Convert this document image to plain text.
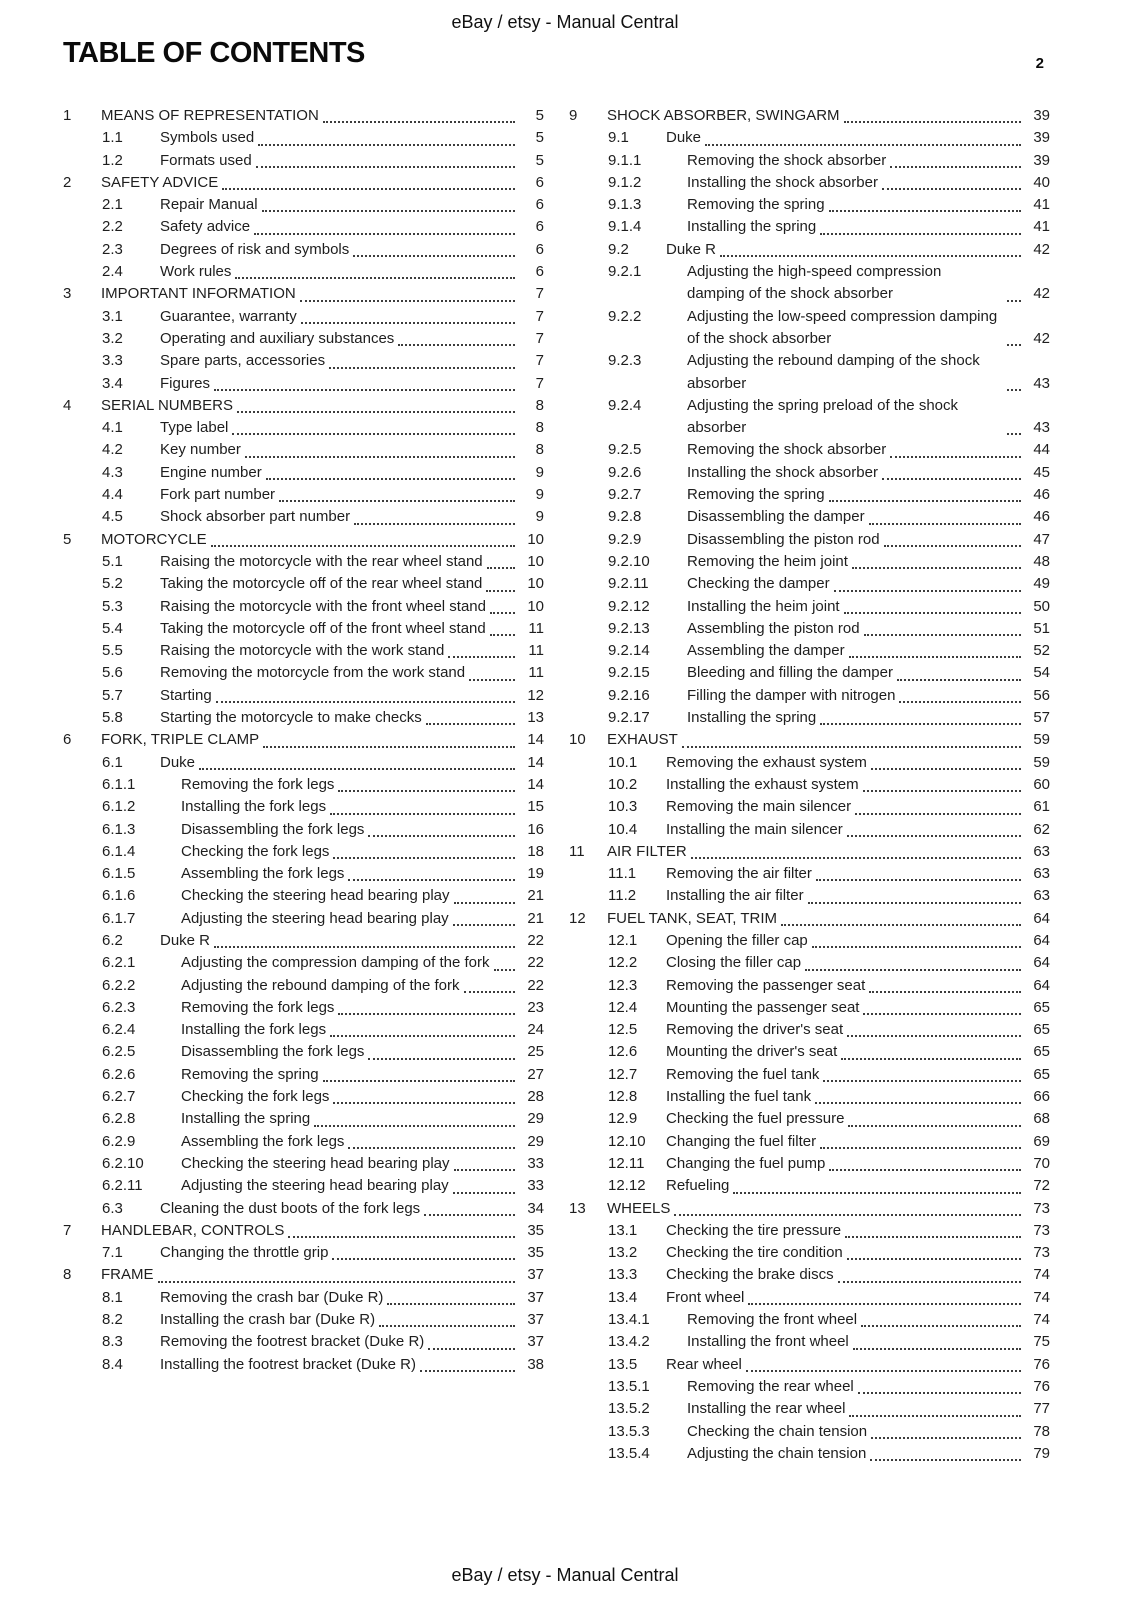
eBay / etsy - Manual Central
TABLE OF CONTENTS	2
1	MEANS OF REPRESENTATION	5
1.1	Symbols used	5
1.2	Formats used	5
2	SAFETY ADVICE	6
2.1	Repair Manual	6
2.2	Safety advice	6
2.3	Degrees of risk and symbols	6
2.4	Work rules	6
3	IMPORTANT INFORMATION	7
3.1	Guarantee, warranty	7
3.2	Operating and auxiliary substances	7
3.3	Spare parts, accessories	7
3.4	Figures	7
4	SERIAL NUMBERS	8
4.1	Type label	8
4.2	Key number	8
4.3	Engine number	9
4.4	Fork part number	9
4.5	Shock absorber part number	9
5	MOTORCYCLE	10
5.1	Raising the motorcycle with the rear wheel stand	10
5.2	Taking the motorcycle off of the rear wheel stand	10
5.3	Raising the motorcycle with the front wheel stand	10
5.4	Taking the motorcycle off of the front wheel stand	11
5.5	Raising the motorcycle with the work stand	11
5.6	Removing the motorcycle from the work stand	11
5.7	Starting	12
5.8	Starting the motorcycle to make checks	13
6	FORK, TRIPLE CLAMP	14
6.1	Duke	14
6.1.1	Removing the fork legs	14
6.1.2	Installing the fork legs	15
6.1.3	Disassembling the fork legs	16
6.1.4	Checking the fork legs	18
6.1.5	Assembling the fork legs	19
6.1.6	Checking the steering head bearing play	21
6.1.7	Adjusting the steering head bearing play	21
6.2	Duke R	22
6.2.1	Adjusting the compression damping of the fork	22
6.2.2	Adjusting the rebound damping of the fork	22
6.2.3	Removing the fork legs	23
6.2.4	Installing the fork legs	24
6.2.5	Disassembling the fork legs	25
6.2.6	Removing the spring	27
6.2.7	Checking the fork legs	28
6.2.8	Installing the spring	29
6.2.9	Assembling the fork legs	29
6.2.10	Checking the steering head bearing play	33
6.2.11	Adjusting the steering head bearing play	33
6.3	Cleaning the dust boots of the fork legs	34
7	HANDLEBAR, CONTROLS	35
7.1	Changing the throttle grip	35
8	FRAME	37
8.1	Removing the crash bar (Duke R)	37
8.2	Installing the crash bar (Duke R)	37
8.3	Removing the footrest bracket (Duke R)	37
8.4	Installing the footrest bracket (Duke R)	38
9	SHOCK ABSORBER, SWINGARM	39
9.1	Duke	39
9.1.1	Removing the shock absorber	39
9.1.2	Installing the shock absorber	40
9.1.3	Removing the spring	41
9.1.4	Installing the spring	41
9.2	Duke R	42
9.2.1	Adjusting the high-speed compression damping of the shock absorber	42
9.2.2	Adjusting the low-speed compression damping of the shock absorber	42
9.2.3	Adjusting the rebound damping of the shock absorber	43
9.2.4	Adjusting the spring preload of the shock absorber	43
9.2.5	Removing the shock absorber	44
9.2.6	Installing the shock absorber	45
9.2.7	Removing the spring	46
9.2.8	Disassembling the damper	46
9.2.9	Disassembling the piston rod	47
9.2.10	Removing the heim joint	48
9.2.11	Checking the damper	49
9.2.12	Installing the heim joint	50
9.2.13	Assembling the piston rod	51
9.2.14	Assembling the damper	52
9.2.15	Bleeding and filling the damper	54
9.2.16	Filling the damper with nitrogen	56
9.2.17	Installing the spring	57
10	EXHAUST	59
10.1	Removing the exhaust system	59
10.2	Installing the exhaust system	60
10.3	Removing the main silencer	61
10.4	Installing the main silencer	62
11	AIR FILTER	63
11.1	Removing the air filter	63
11.2	Installing the air filter	63
12	FUEL TANK, SEAT, TRIM	64
12.1	Opening the filler cap	64
12.2	Closing the filler cap	64
12.3	Removing the passenger seat	64
12.4	Mounting the passenger seat	65
12.5	Removing the driver's seat	65
12.6	Mounting the driver's seat	65
12.7	Removing the fuel tank	65
12.8	Installing the fuel tank	66
12.9	Checking the fuel pressure	68
12.10	Changing the fuel filter	69
12.11	Changing the fuel pump	70
12.12	Refueling	72
13	WHEELS	73
13.1	Checking the tire pressure	73
13.2	Checking the tire condition	73
13.3	Checking the brake discs	74
13.4	Front wheel	74
13.4.1	Removing the front wheel	74
13.4.2	Installing the front wheel	75
13.5	Rear wheel	76
13.5.1	Removing the rear wheel	76
13.5.2	Installing the rear wheel	77
13.5.3	Checking the chain tension	78
13.5.4	Adjusting the chain tension	79
eBay / etsy - Manual Central
